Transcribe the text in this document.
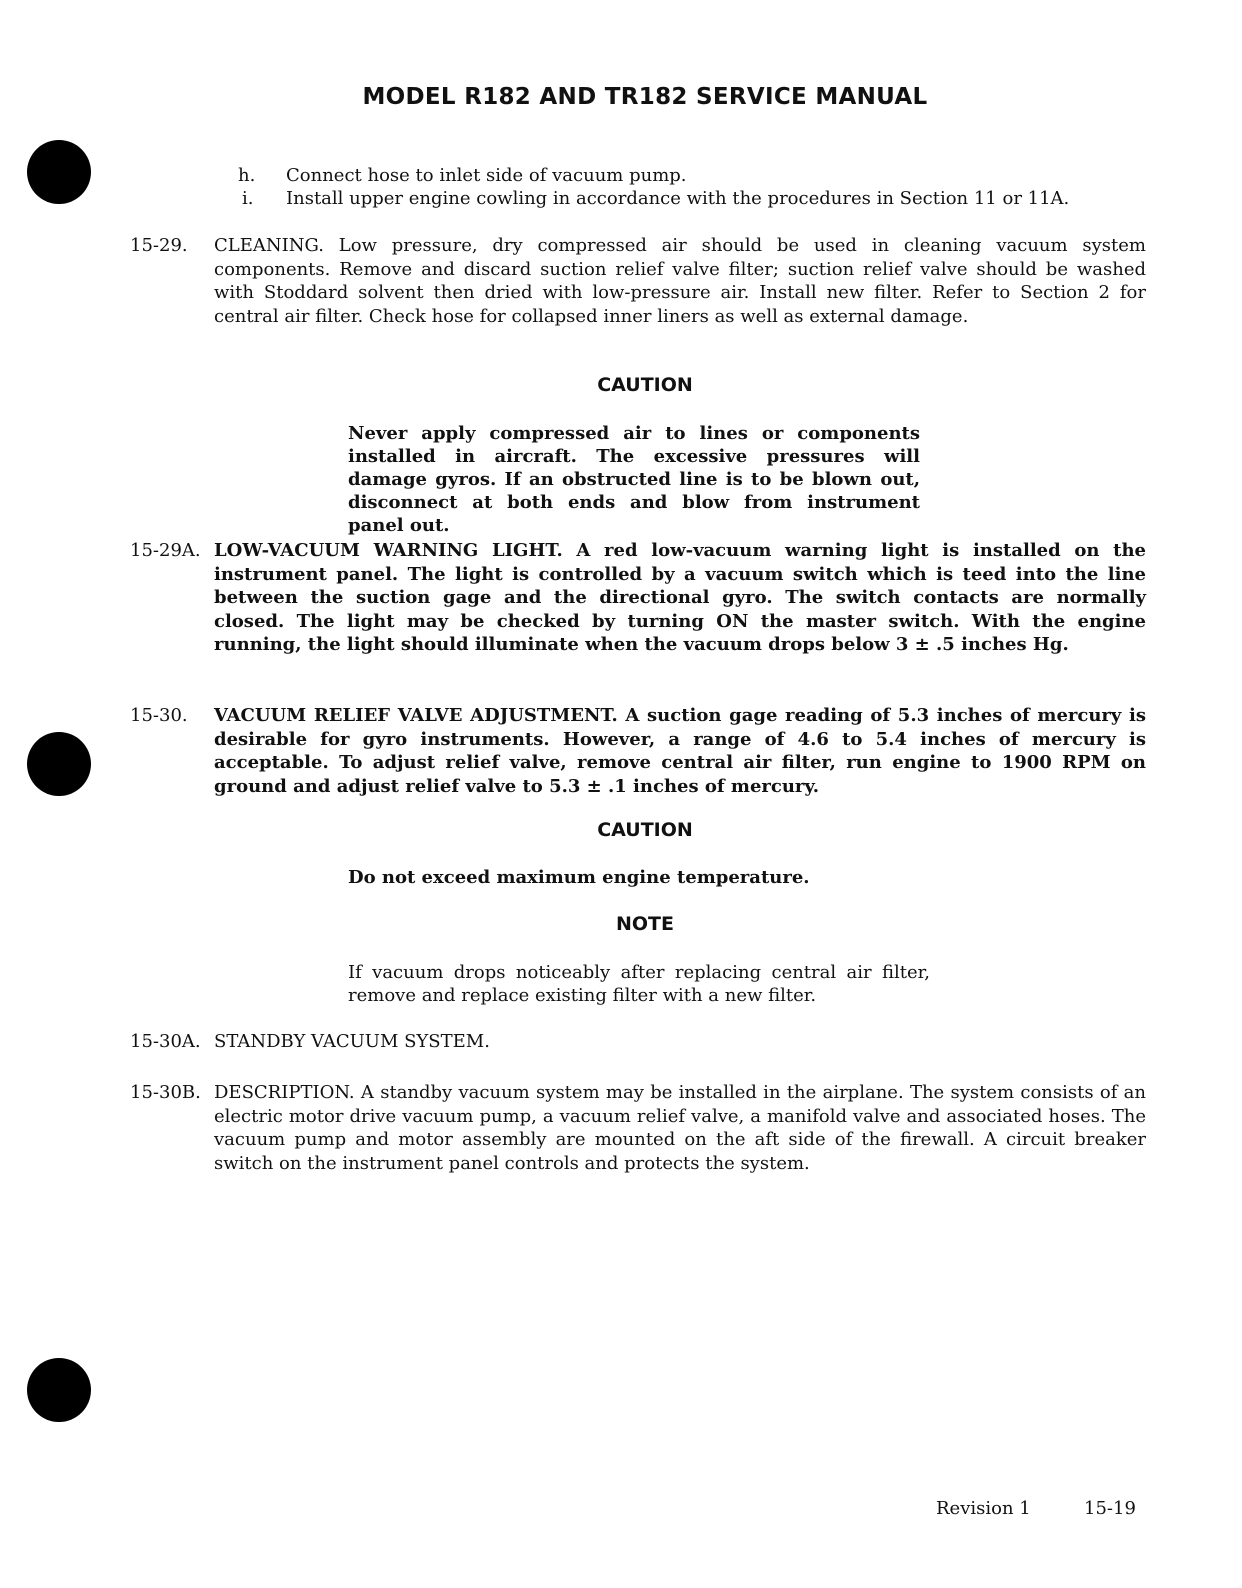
MODEL R182 AND TR182 SERVICE MANUAL
h. Connect hose to inlet side of vacuum pump.
i. Install upper engine cowling in accordance with the procedures in Section 11 or 11A.
15-29. CLEANING. Low pressure, dry compressed air should be used in cleaning vacuum system components. Remove and discard suction relief valve filter; suction relief valve should be washed with Stoddard solvent then dried with low-pressure air. Install new filter. Refer to Section 2 for central air filter. Check hose for collapsed inner liners as well as external damage.
CAUTION
Never apply compressed air to lines or components installed in aircraft. The excessive pressures will damage gyros. If an obstructed line is to be blown out, disconnect at both ends and blow from instrument panel out.
15-29A. LOW-VACUUM WARNING LIGHT. A red low-vacuum warning light is installed on the instrument panel. The light is controlled by a vacuum switch which is teed into the line between the suction gage and the directional gyro. The switch contacts are normally closed. The light may be checked by turning ON the master switch. With the engine running, the light should illuminate when the vacuum drops below 3 ± .5 inches Hg.
15-30. VACUUM RELIEF VALVE ADJUSTMENT. A suction gage reading of 5.3 inches of mercury is desirable for gyro instruments. However, a range of 4.6 to 5.4 inches of mercury is acceptable. To adjust relief valve, remove central air filter, run engine to 1900 RPM on ground and adjust relief valve to 5.3 ± .1 inches of mercury.
CAUTION
Do not exceed maximum engine temperature.
NOTE
If vacuum drops noticeably after replacing central air filter, remove and replace existing filter with a new filter.
15-30A. STANDBY VACUUM SYSTEM.
15-30B. DESCRIPTION. A standby vacuum system may be installed in the airplane. The system consists of an electric motor drive vacuum pump, a vacuum relief valve, a manifold valve and associated hoses. The vacuum pump and motor assembly are mounted on the aft side of the firewall. A circuit breaker switch on the instrument panel controls and protects the system.
Revision 1	15-19
